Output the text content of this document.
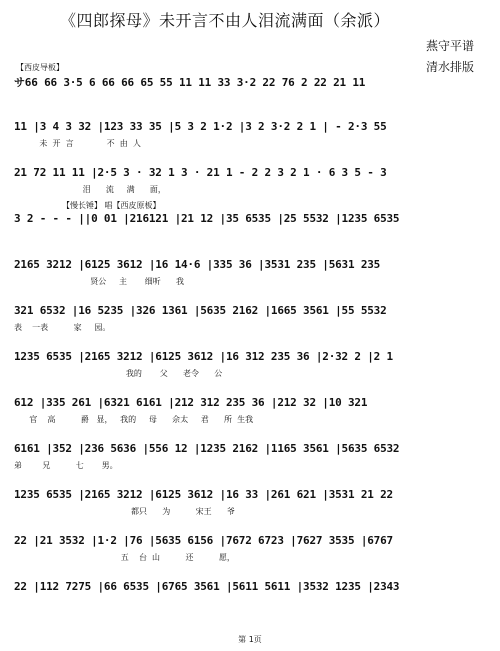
《四郎探母》未开言不由人泪流满面（余派）
燕守平谱
清水排版
【西皮导板】
サ66 66 3·5 6 66 66 65 55 11 11 33 3·2 22 76 2 22 21 11
11 |3 4 3 32 |123 33 35 |5 3 2 1·2 |3 2 3·2 2 1 | - 2·3 55
未  开  言             不  由  人
21 72 11 11 |2·5 3 · 32 1 3 · 21 1 - 2 2 3 2 1 · 6 3 5 - 3
泪      流     满      面，
【慢长锤】 唱【西皮原板】
3 2 - - - ||0 01 |216121 |21 12 |35 6535 |25 5532 |1235 6535
2165 3212 |6125 3612 |16 14·6 |335 36 |3531 235 |5631 235
贤公     主       细听      我
321 6532 |16 5235 |326 1361 |5635 2162 |1665 3561 |55 5532
表    一表          家     园。
1235 6535 |2165 3212 |6125 3612 |16 312 235 36 |2·32 2 |2 1
我的       父      老令      公
612 |335 261 |6321 6161 |212 312 235 36 |212 32 |10 321
官    高          爵   显，   我的     母      佘太     君      所  生我
6161 |352 |236 5636 |556 12 |1235 2162 |1165 3561 |5635 6532
弟        兄          七       男。
1235 6535 |2165 3212 |6125 3612 |16 33 |261 621 |3531 21 22
都只      为          宋王      爷
22 |21 3532 |1·2 |76 |5635 6156 |7672 6723 |7627 3535 |6767
五    台  山          还          愿，
22 |112 7275 |66 6535 |6765 3561 |5611 5611 |3532 1235 |2343
第 1页
